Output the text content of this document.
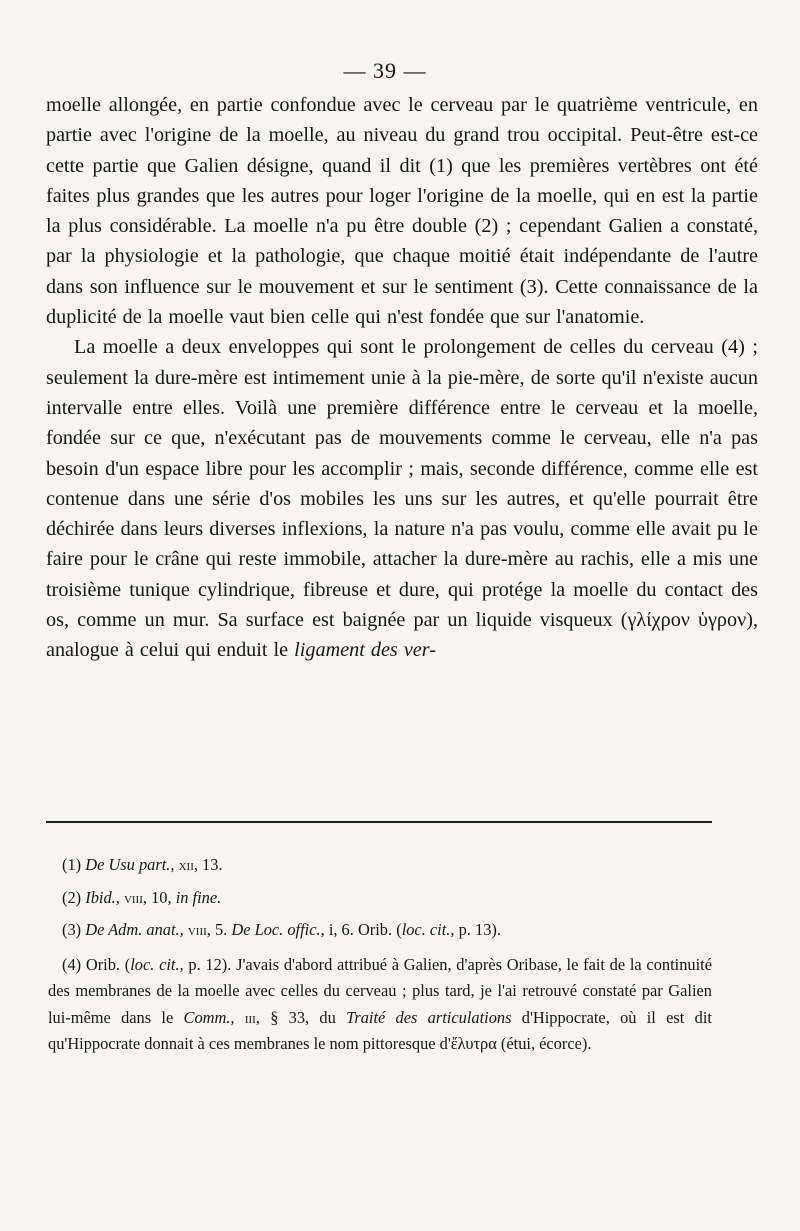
— 39 —

moelle allongée, en partie confondue avec le cerveau par le quatrième ventricule, en partie avec l'origine de la moelle, au niveau du grand trou occipital. Peut-être est-ce cette partie que Galien désigne, quand il dit (1) que les premières vertèbres ont été faites plus grandes que les autres pour loger l'origine de la moelle, qui en est la partie la plus considérable. La moelle n'a pu être double (2) ; cependant Galien a constaté, par la physiologie et la pathologie, que chaque moitié était indépendante de l'autre dans son influence sur le mouvement et sur le sentiment (3). Cette connaissance de la duplicité de la moelle vaut bien celle qui n'est fondée que sur l'anatomie.

La moelle a deux enveloppes qui sont le prolongement de celles du cerveau (4) ; seulement la dure-mère est intimement unie à la pie-mère, de sorte qu'il n'existe aucun intervalle entre elles. Voilà une première différence entre le cerveau et la moelle, fondée sur ce que, n'exécutant pas de mouvements comme le cerveau, elle n'a pas besoin d'un espace libre pour les accomplir ; mais, seconde différence, comme elle est contenue dans une série d'os mobiles les uns sur les autres, et qu'elle pourrait être déchirée dans leurs diverses inflexions, la nature n'a pas voulu, comme elle avait pu le faire pour le crâne qui reste immobile, attacher la dure-mère au rachis, elle a mis une troisième tunique cylindrique, fibreuse et dure, qui protége la moelle du contact des os, comme un mur. Sa surface est baignée par un liquide visqueux (γλίχρον ὑγρον), analogue à celui qui enduit le ligament des ver-

(1) De Usu part., xii, 13.

(2) Ibid., viii, 10, in fine.

(3) De Adm. anat., viii, 5. De Loc. offic., i, 6. Orib. (loc. cit., p. 13).

(4) Orib. (loc. cit., p. 12). J'avais d'abord attribué à Galien, d'après Oribase, le fait de la continuité des membranes de la moelle avec celles du cerveau ; plus tard, je l'ai retrouvé constaté par Galien lui-même dans le Comm., iii, § 33, du Traité des articulations d'Hippocrate, où il est dit qu'Hippocrate donnait à ces membranes le nom pittoresque d'ἔλυτρα (étui, écorce).
